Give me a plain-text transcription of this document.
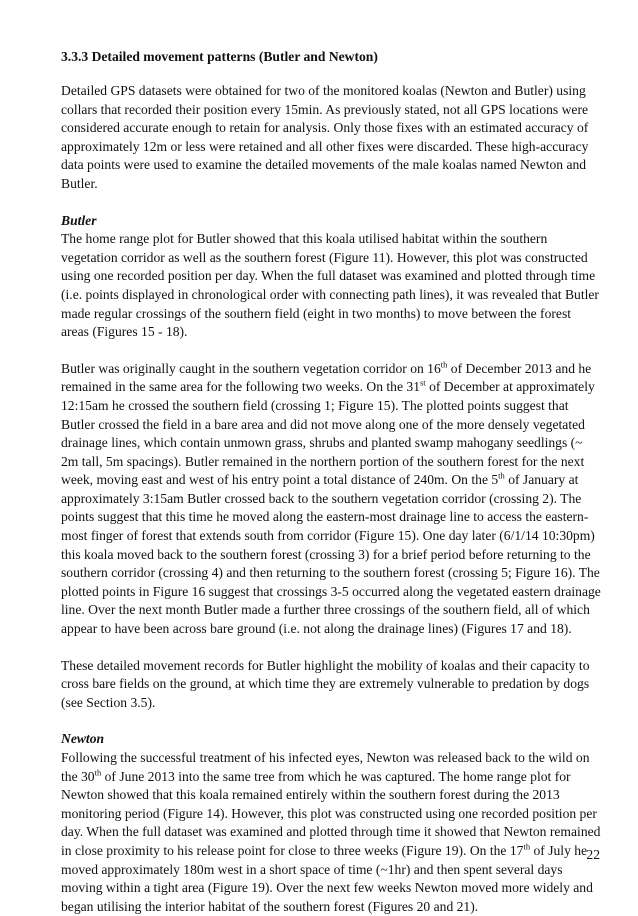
3.3.3 Detailed movement patterns (Butler and Newton)

Detailed GPS datasets were obtained for two of the monitored koalas (Newton and Butler) using collars that recorded their position every 15min. As previously stated, not all GPS locations were considered accurate enough to retain for analysis. Only those fixes with an estimated accuracy of approximately 12m or less were retained and all other fixes were discarded. These high-accuracy data points were used to examine the detailed movements of the male koalas named Newton and Butler.

Butler

The home range plot for Butler showed that this koala utilised habitat within the southern vegetation corridor as well as the southern forest (Figure 11). However, this plot was constructed using one recorded position per day. When the full dataset was examined and plotted through time (i.e. points displayed in chronological order with connecting path lines), it was revealed that Butler made regular crossings of the southern field (eight in two months) to move between the forest areas (Figures 15 - 18).

Butler was originally caught in the southern vegetation corridor on 16th of December 2013 and he remained in the same area for the following two weeks. On the 31st of December at approximately 12:15am he crossed the southern field (crossing 1; Figure 15). The plotted points suggest that Butler crossed the field in a bare area and did not move along one of the more densely vegetated drainage lines, which contain unmown grass, shrubs and planted swamp mahogany seedlings (~ 2m tall, 5m spacings). Butler remained in the northern portion of the southern forest for the next week, moving east and west of his entry point a total distance of 240m. On the 5th of January at approximately 3:15am Butler crossed back to the southern vegetation corridor (crossing 2). The points suggest that this time he moved along the eastern-most drainage line to access the eastern-most finger of forest that extends south from corridor (Figure 15). One day later (6/1/14 10:30pm) this koala moved back to the southern forest (crossing 3) for a brief period before returning to the southern corridor (crossing 4) and then returning to the southern forest (crossing 5; Figure 16). The plotted points in Figure 16 suggest that crossings 3-5 occurred along the vegetated eastern drainage line. Over the next month Butler made a further three crossings of the southern field, all of which appear to have been across bare ground (i.e. not along the drainage lines) (Figures 17 and 18).

These detailed movement records for Butler highlight the mobility of koalas and their capacity to cross bare fields on the ground, at which time they are extremely vulnerable to predation by dogs (see Section 3.5).

Newton

Following the successful treatment of his infected eyes, Newton was released back to the wild on the 30th of June 2013 into the same tree from which he was captured. The home range plot for Newton showed that this koala remained entirely within the southern forest during the 2013 monitoring period (Figure 14). However, this plot was constructed using one recorded position per day. When the full dataset was examined and plotted through time it showed that Newton remained in close proximity to his release point for close to three weeks (Figure 19). On the 17th of July he moved approximately 180m west in a short space of time (~1hr) and then spent several days moving within a tight area (Figure 19). Over the next few weeks Newton moved more widely and began utilising the interior habitat of the southern forest (Figures 20 and 21).

22
